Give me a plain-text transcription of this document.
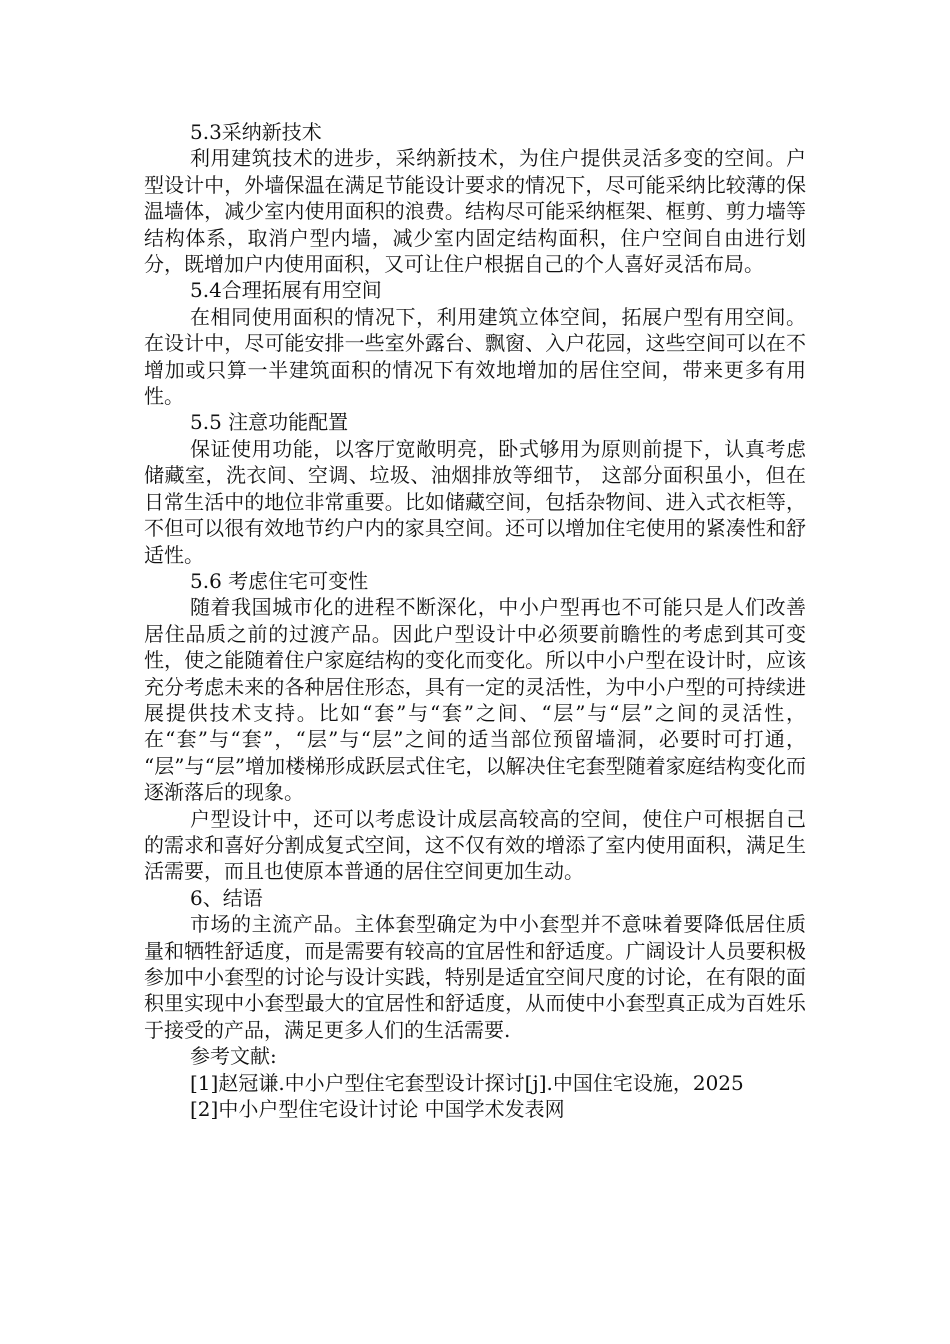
5.3采纳新技术

利用建筑技术的进步，采纳新技术，为住户提供灵活多变的空间。户型设计中，外墙保温在满足节能设计要求的情况下，尽可能采纳比较薄的保温墙体，减少室内使用面积的浪费。结构尽可能采纳框架、框剪、剪力墙等结构体系，取消户型内墙，减少室内固定结构面积，住户空间自由进行划分，既增加户内使用面积，又可让住户根据自己的个人喜好灵活布局。

5.4合理拓展有用空间

在相同使用面积的情况下，利用建筑立体空间，拓展户型有用空间。在设计中，尽可能安排一些室外露台、飘窗、入户花园，这些空间可以在不增加或只算一半建筑面积的情况下有效地增加的居住空间，带来更多有用性。

5.5 注意功能配置

保证使用功能，以客厅宽敞明亮，卧式够用为原则前提下，认真考虑储藏室，洗衣间、空调、垃圾、油烟排放等细节， 这部分面积虽小，但在日常生活中的地位非常重要。比如储藏空间，包括杂物间、进入式衣柜等，不但可以很有效地节约户内的家具空间。还可以增加住宅使用的紧凑性和舒适性。

5.6 考虑住宅可变性

随着我国城市化的进程不断深化，中小户型再也不可能只是人们改善居住品质之前的过渡产品。因此户型设计中必须要前瞻性的考虑到其可变性，使之能随着住户家庭结构的变化而变化。所以中小户型在设计时，应该充分考虑未来的各种居住形态，具有一定的灵活性，为中小户型的可持续进展提供技术支持。比如“套”与“套”之间、“层”与“层”之间的灵活性，在“套”与“套”，“层”与“层”之间的适当部位预留墙洞，必要时可打通， “层”与“层”增加楼梯形成跃层式住宅，以解决住宅套型随着家庭结构变化而逐渐落后的现象。

户型设计中，还可以考虑设计成层高较高的空间，使住户可根据自己的需求和喜好分割成复式空间，这不仅有效的增添了室内使用面积，满足生活需要，而且也使原本普通的居住空间更加生动。

6、结语

市场的主流产品。主体套型确定为中小套型并不意味着要降低居住质量和牺牲舒适度，而是需要有较高的宜居性和舒适度。广阔设计人员要积极参加中小套型的讨论与设计实践，特别是适宜空间尺度的讨论，在有限的面积里实现中小套型最大的宜居性和舒适度，从而使中小套型真正成为百姓乐于接受的产品，满足更多人们的生活需要.

参考文献:

[1]赵冠谦.中小户型住宅套型设计探讨[j].中国住宅设施，2025

[2]中小户型住宅设计讨论 中国学术发表网
